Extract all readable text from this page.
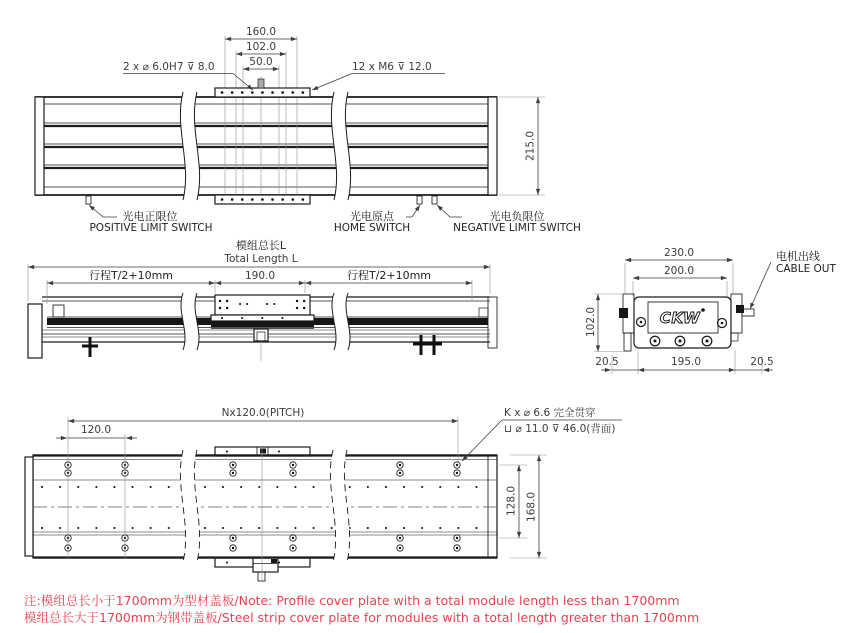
160.0
102.0
50.0
2 x ⌀ 6.0H7 ⊽ 8.0	12 x M6 ⊽ 12.0
215.0
光电正限位
POSITIVE LIMIT SWITCH
光电原点
HOME SWITCH
光电负限位
NEGATIVE LIMIT SWITCH
模组总长L
Total Length L
行程T/2+10mm	190.0	行程T/2+10mm
230.0
200.0
CKW
102.0
20.5	195.0	20.5
电机出线
CABLE OUT
Nx120.0(PITCH)
120.0
K x ⌀ 6.6 完全贯穿
⊔ ⌀ 11.0 ⊽ 46.0(背面)
128.0 168.0
注:模组总长小于1700mm为型材盖板/Note: Profile cover plate with a total module length less than 1700mm
模组总长大于1700mm为钢带盖板/Steel strip cover plate for modules with a total length greater than 1700mm
